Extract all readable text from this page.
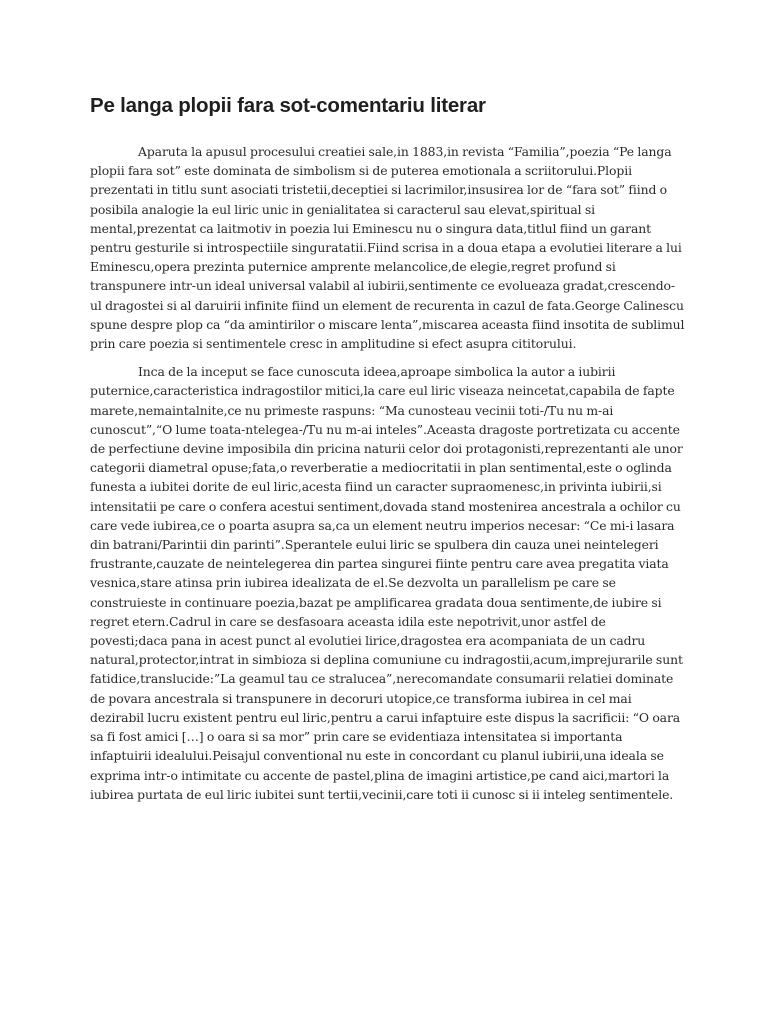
Pe langa plopii fara sot-comentariu literar

Aparuta la apusul procesului creatiei sale,in 1883,in revista “Familia”,poezia “Pe langa plopii fara sot” este dominata de simbolism si de puterea emotionala a scriitorului.Plopii prezentati in titlu sunt asociati tristetii,deceptiei si lacrimilor,insusirea lor de “fara sot” fiind o posibila analogie la eul liric unic in genialitatea si caracterul sau elevat,spiritual si mental,prezentat ca laitmotiv in poezia lui Eminescu nu o singura data,titlul fiind un garant pentru gesturile si introspectiile singuratatii.Fiind scrisa in a doua etapa a evolutiei literare a lui Eminescu,opera prezinta puternice amprente melancolice,de elegie,regret profund si transpunere intr-un ideal universal valabil al iubirii,sentimente ce evolueaza gradat,crescendo-ul dragostei si al daruirii infinite fiind un element de recurenta in cazul de fata.George Calinescu spune despre plop ca “da amintirilor o miscare lenta”,miscarea aceasta fiind insotita de sublimul prin care poezia si sentimentele cresc in amplitudine si efect asupra cititorului.

Inca de la inceput se face cunoscuta ideea,aproape simbolica la autor a iubirii puternice,caracteristica indragostilor mitici,la care eul liric viseaza neincetat,capabila de fapte marete,nemaintalnite,ce nu primeste raspuns: “Ma cunosteau vecinii toti-/Tu nu m-ai cunoscut”,“O lume toata-ntelegea-/Tu nu m-ai inteles”.Aceasta dragoste portretizata cu accente de perfectiune devine imposibila din pricina naturii celor doi protagonisti,reprezentanti ale unor categorii diametral opuse;fata,o reverberatie a mediocritatii in plan sentimental,este o oglinda funesta a iubitei dorite de eul liric,acesta fiind un caracter supraomenesc,in privinta iubirii,si intensitatii pe care o confera acestui sentiment,dovada stand mostenirea ancestrala a ochilor cu care vede iubirea,ce o poarta asupra sa,ca un element neutru imperios necesar: “Ce mi-i lasara din batrani/Parintii din parinti”.Sperantele eului liric se spulbera din cauza unei neintelegeri frustrante,cauzate de neintelegerea din partea singurei fiinte pentru care avea pregatita viata vesnica,stare atinsa prin iubirea idealizata de el.Se dezvolta un parallelism pe care se construieste in continuare poezia,bazat pe amplificarea gradata doua sentimente,de iubire si regret etern.Cadrul in care se desfasoara aceasta idila este nepotrivit,unor astfel de povesti;daca pana in acest punct al evolutiei lirice,dragostea era acompaniata de un cadru natural,protector,intrat in simbioza si deplina comuniune cu indragostii,acum,imprejurarile sunt fatidice,translucide:”La geamul tau ce stralucea”,nerecomandate consumarii relatiei dominate de povara ancestrala si transpunere in decoruri utopice,ce transforma iubirea in cel mai dezirabil lucru existent pentru eul liric,pentru a carui infaptuire este dispus la sacrificii: “O oara sa fi fost amici […] o oara si sa mor” prin care se evidentiaza intensitatea si importanta infaptuirii idealului.Peisajul conventional nu este in concordant cu planul iubirii,una ideala se exprima intr-o intimitate cu accente de pastel,plina de imagini artistice,pe cand aici,martori la iubirea purtata de eul liric iubitei sunt tertii,vecinii,care toti ii cunosc si ii inteleg sentimentele.
